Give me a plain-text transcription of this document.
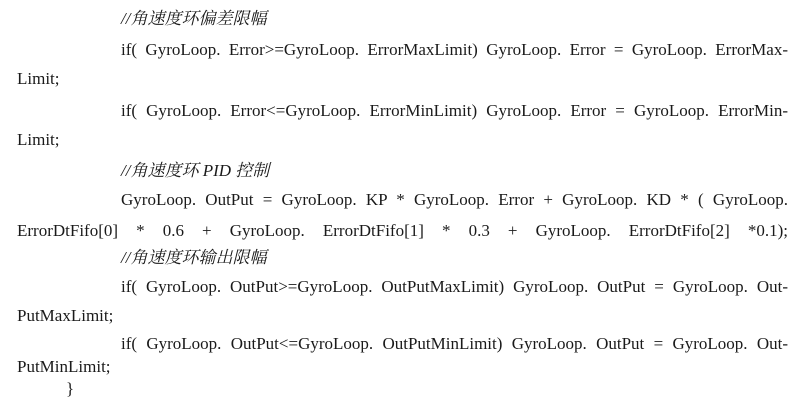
//角速度环偏差限幅
if( GyroLoop. Error>=GyroLoop. ErrorMaxLimit) GyroLoop. Error = GyroLoop. ErrorMax-
Limit;
if( GyroLoop. Error<=GyroLoop. ErrorMinLimit) GyroLoop. Error = GyroLoop. ErrorMin-
Limit;
//角速度环 PID 控制
GyroLoop. OutPut = GyroLoop. KP * GyroLoop. Error + GyroLoop. KD * ( GyroLoop.
ErrorDtFifo[0] * 0.6 + GyroLoop. ErrorDtFifo[1] * 0.3 + GyroLoop. ErrorDtFifo[2] *0.1);
//角速度环输出限幅
if( GyroLoop. OutPut>=GyroLoop. OutPutMaxLimit) GyroLoop. OutPut = GyroLoop. Out-
PutMaxLimit;
if( GyroLoop. OutPut<=GyroLoop. OutPutMinLimit) GyroLoop. OutPut = GyroLoop. Out-
PutMinLimit;
}
